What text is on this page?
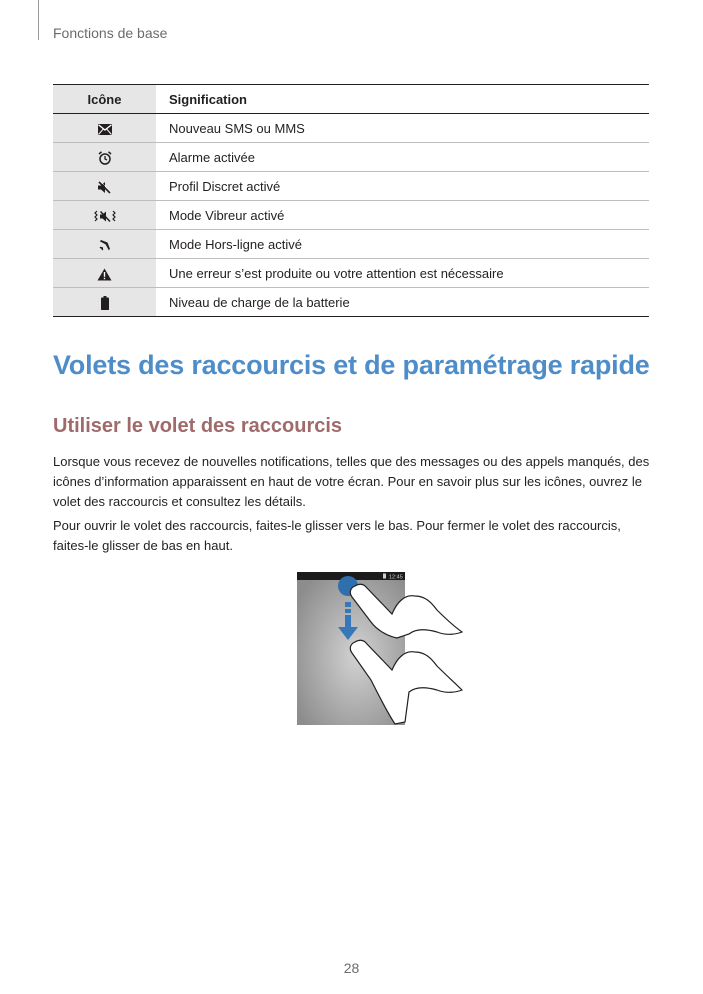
Fonctions de base
Icône	Signification
	Nouveau SMS ou MMS
	Alarme activée
	Profil Discret activé
	Mode Vibreur activé
	Mode Hors-ligne activé
	Une erreur s’est produite ou votre attention est nécessaire
	Niveau de charge de la batterie
Volets des raccourcis et de paramétrage rapide
Utiliser le volet des raccourcis

Lorsque vous recevez de nouvelles notifications, telles que des messages ou des appels manqués, des icônes d’information apparaissent en haut de votre écran. Pour en savoir plus sur les icônes, ouvrez le volet des raccourcis et consultez les détails.

Pour ouvrir le volet des raccourcis, faites-le glisser vers le bas. Pour fermer le volet des raccourcis, faites-le glisser de bas en haut.

12:45
28
